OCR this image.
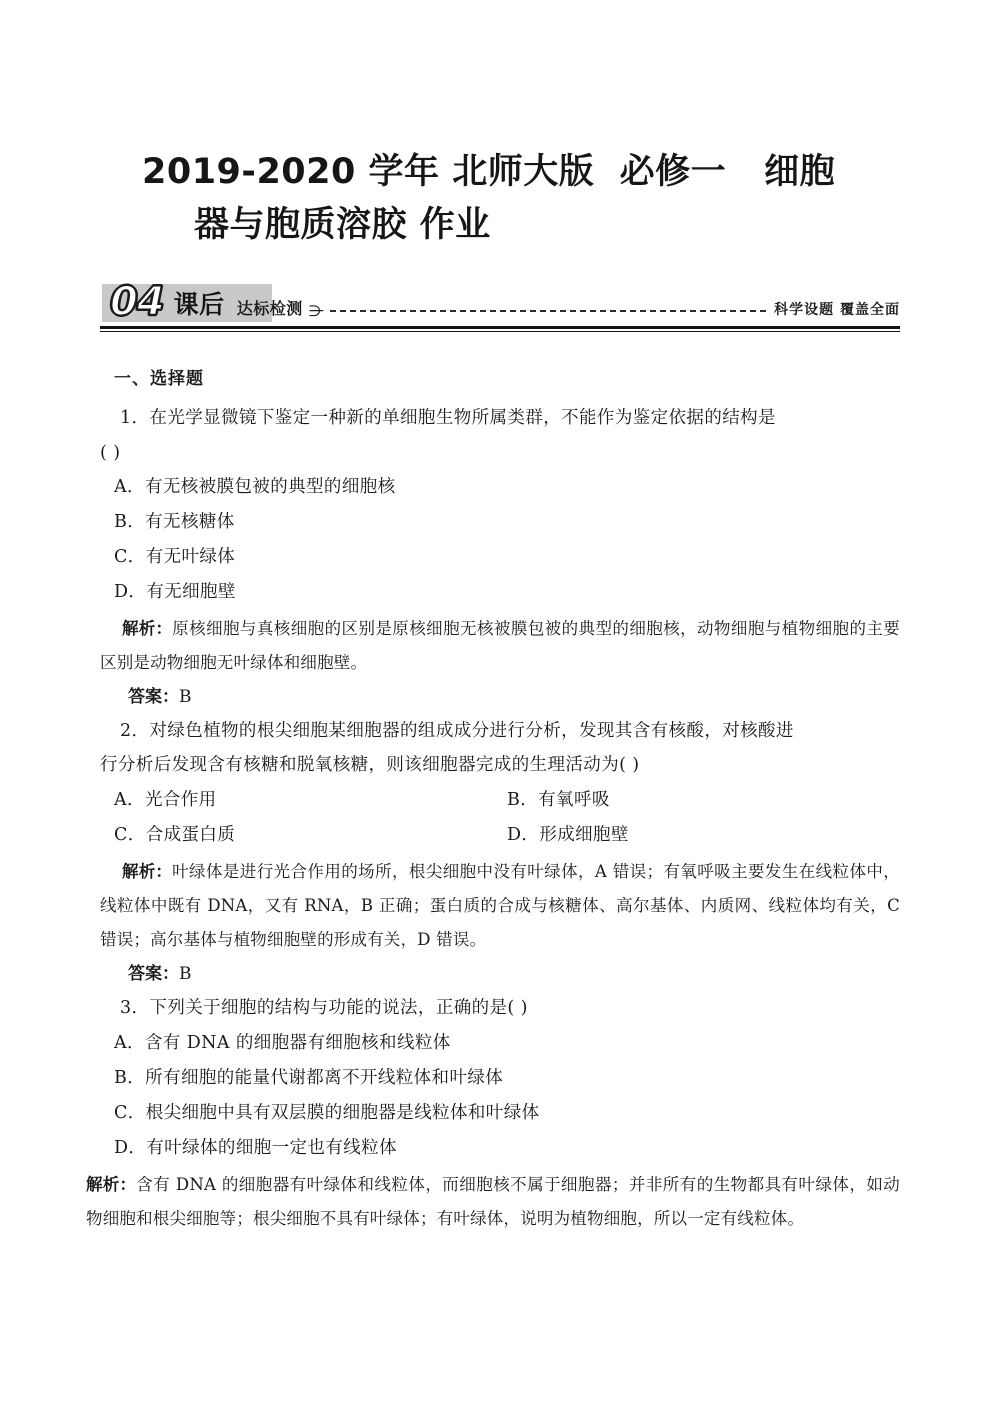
2019-2020 学年 北师大版  必修一   细胞
器与胞质溶胶 作业
04 课后 达标检测 ⋺	科学设题 覆盖全面

一、选择题

1．在光学显微镜下鉴定一种新的单细胞生物所属类群，不能作为鉴定依据的结构是

( )

A．有无核被膜包被的典型的细胞核

B．有无核糖体

C．有无叶绿体

D．有无细胞壁

解析：原核细胞与真核细胞的区别是原核细胞无核被膜包被的典型的细胞核，动物细胞与植物细胞的主要区别是动物细胞无叶绿体和细胞壁。

答案：B

2．对绿色植物的根尖细胞某细胞器的组成成分进行分析，发现其含有核酸，对核酸进

行分析后发现含有核糖和脱氧核糖，则该细胞器完成的生理活动为( )

A．光合作用	B．有氧呼吸
C．合成蛋白质	D．形成细胞壁

解析：叶绿体是进行光合作用的场所，根尖细胞中没有叶绿体，A 错误；有氧呼吸主要发生在线粒体中，线粒体中既有 DNA，又有 RNA，B 正确；蛋白质的合成与核糖体、高尔基体、内质网、线粒体均有关，C 错误；高尔基体与植物细胞壁的形成有关，D 错误。

答案：B

3．下列关于细胞的结构与功能的说法，正确的是( )

A．含有 DNA 的细胞器有细胞核和线粒体

B．所有细胞的能量代谢都离不开线粒体和叶绿体

C．根尖细胞中具有双层膜的细胞器是线粒体和叶绿体

D．有叶绿体的细胞一定也有线粒体

解析：含有 DNA 的细胞器有叶绿体和线粒体，而细胞核不属于细胞器；并非所有的生物都具有叶绿体，如动物细胞和根尖细胞等；根尖细胞不具有叶绿体；有叶绿体，说明为植物细胞，所以一定有线粒体。
